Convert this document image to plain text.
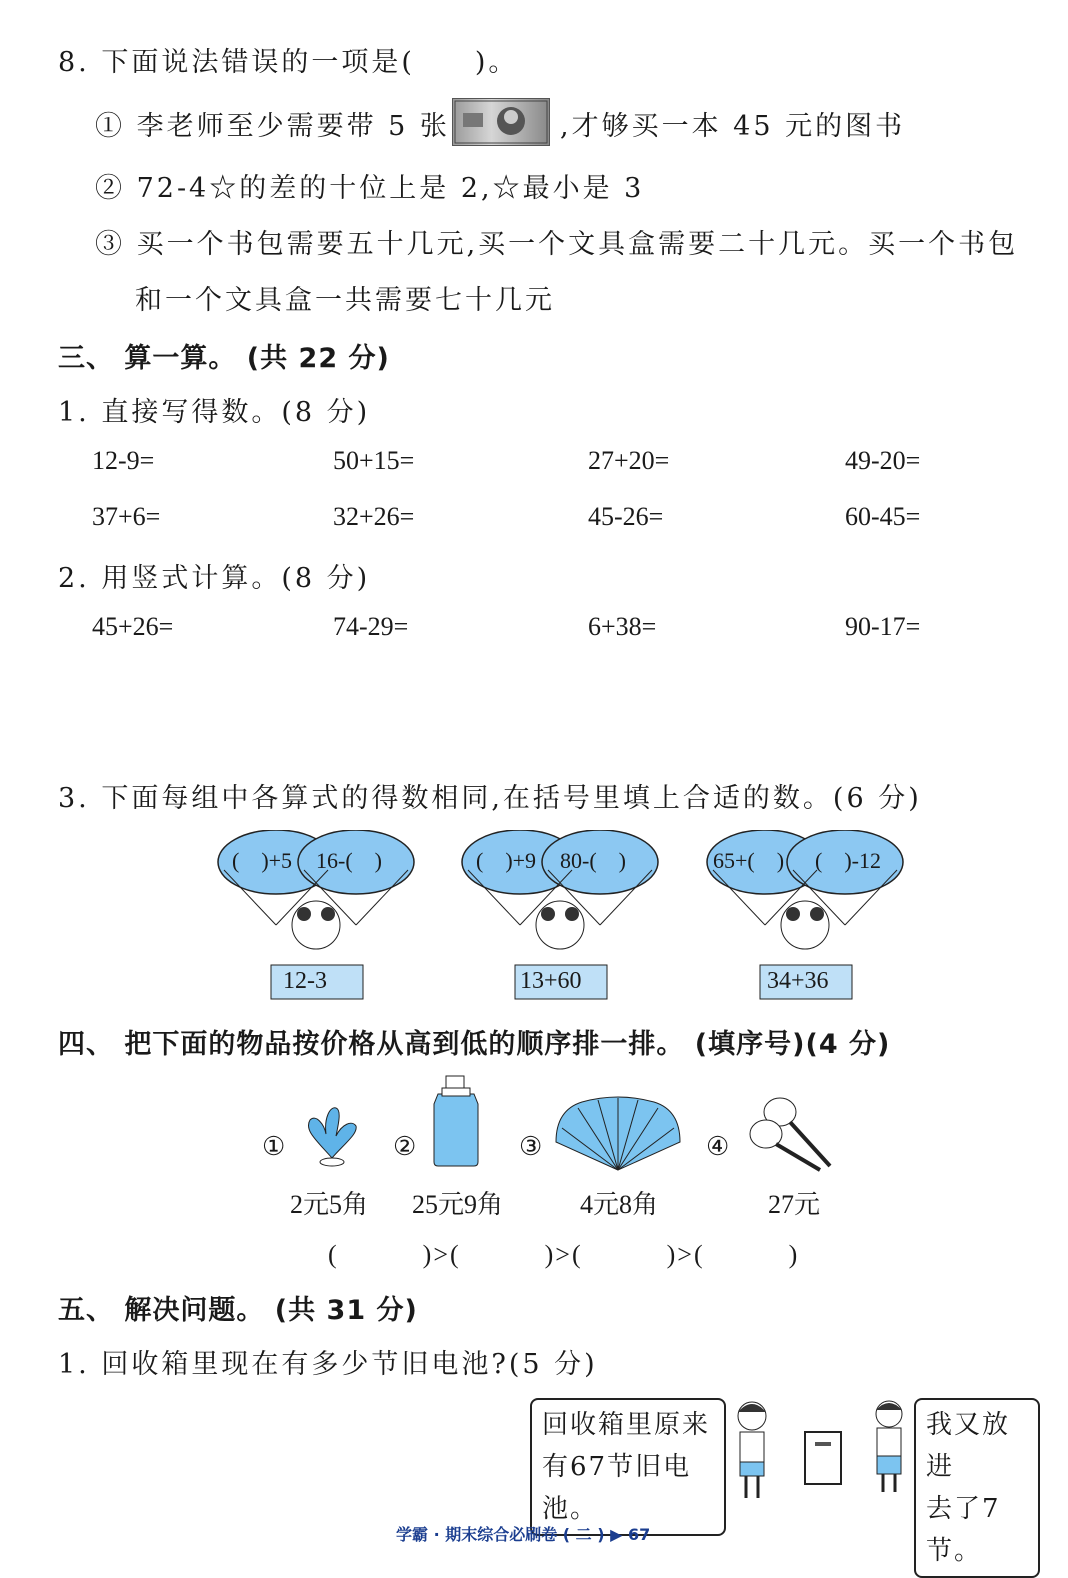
8. 下面说法错误的一项是(　　)。
① 李老师至少需要带 5 张	,才够买一本 45 元的图书
② 72-4☆的差的十位上是 2,☆最小是 3
③ 买一个书包需要五十几元,买一个文具盒需要二十几元。买一个书包
和一个文具盒一共需要七十几元
三、 算一算。 (共 22 分)
1. 直接写得数。(8 分)
12-9=	50+15=	27+20=	49-20=
37+6=	32+26=	45-26=	60-45=
2. 用竖式计算。(8 分)
45+26=	74-29=	6+38=	90-17=
3. 下面每组中各算式的得数相同,在括号里填上合适的数。(6 分)
(　)+5 16-(　)
12-3
(　)+9 80-(　)
13+60
65+(　) (　)-12
34+36
四、 把下面的物品按价格从高到低的顺序排一排。 (填序号)(4 分)
①	②	③	④
2元5角 25元9角	4元8角	27元
(　　　)>(　　　)>(　　　)>(　　　)
五、 解决问题。 (共 31 分)
1. 回收箱里现在有多少节旧电池?(5 分)
回收箱里原来
有67节旧电池。
我又放进
去了7节。
学霸 · 期末综合必刷卷 ( 二 ) ▶ 67
